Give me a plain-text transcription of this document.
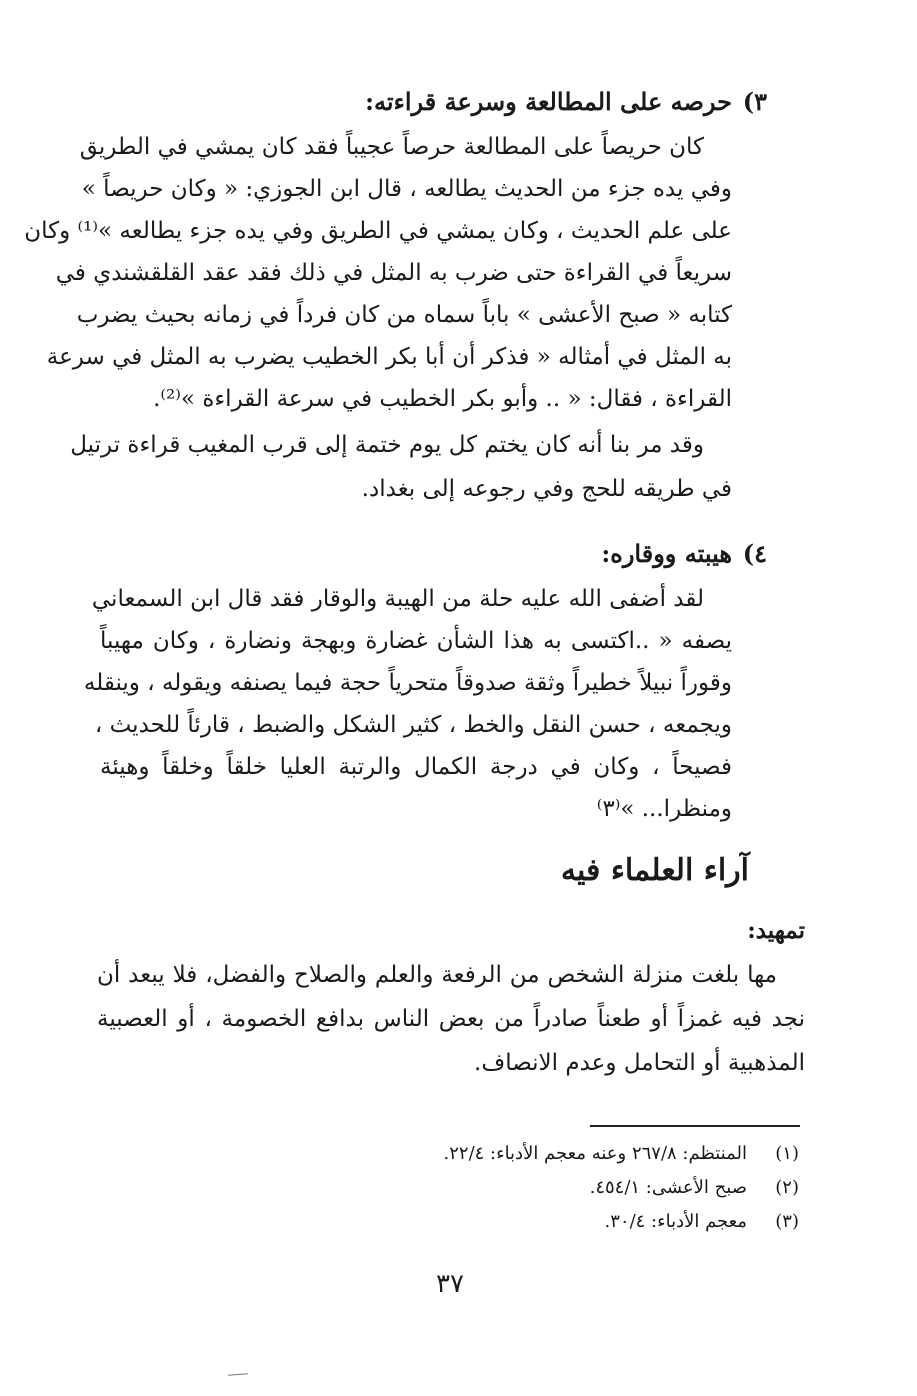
٣)
حرصه على المطالعة وسرعة قراءته:
كان حريصاً على المطالعة حرصاً عجيباً فقد كان يمشي في الطريق
وفي يده جزء من الحديث يطالعه ، قال ابن الجوزي: « وكان حريصاً »
على علم الحديث ، وكان يمشي في الطريق وفي يده جزء يطالعه »⁽¹⁾ وكان
سريعاً في القراءة حتى ضرب به المثل في ذلك فقد عقد القلقشندي في
كتابه « صبح الأعشى » باباً سماه من كان فرداً في زمانه بحيث يضرب
به المثل في أمثاله « فذكر أن أبا بكر الخطيب يضرب به المثل في سرعة
القراءة ، فقال: « .. وأبو بكر الخطيب في سرعة القراءة »⁽²⁾.
وقد مر بنا أنه كان يختم كل يوم ختمة إلى قرب المغيب قراءة ترتيل
في طريقه للحج وفي رجوعه إلى بغداد.
٤)
هيبته ووقاره:
لقد أضفى الله عليه حلة من الهيبة والوقار فقد قال ابن السمعاني
يصفه « ..اكتسى به هذا الشأن غضارة وبهجة ونضارة ، وكان مهيباً
وقوراً نبيلاً خطيراً وثقة صدوقاً متحرياً حجة فيما يصنفه ويقوله ، وينقله
ويجمعه ، حسن النقل والخط ، كثير الشكل والضبط ، قارئاً للحديث ،
فصيحاً ، وكان في درجة الكمال والرتبة العليا خلقاً وخلقاً وهيئة
ومنظرا... »⁽٣⁾
آراء العلماء فيه
تمهيد:
مها بلغت منزلة الشخص من الرفعة والعلم والصلاح والفضل، فلا يبعد أن
نجد فيه غمزاً أو طعناً صادراً من بعض الناس بدافع الخصومة ، أو العصبية
المذهبية أو التحامل وعدم الانصاف.
(١)
المنتظم: ٢٦٧/٨ وعنه معجم الأدباء: ٢٢/٤.
(٢)
صبح الأعشى: ٤٥٤/١.
(٣)
معجم الأدباء: ٣٠/٤.
٣٧
